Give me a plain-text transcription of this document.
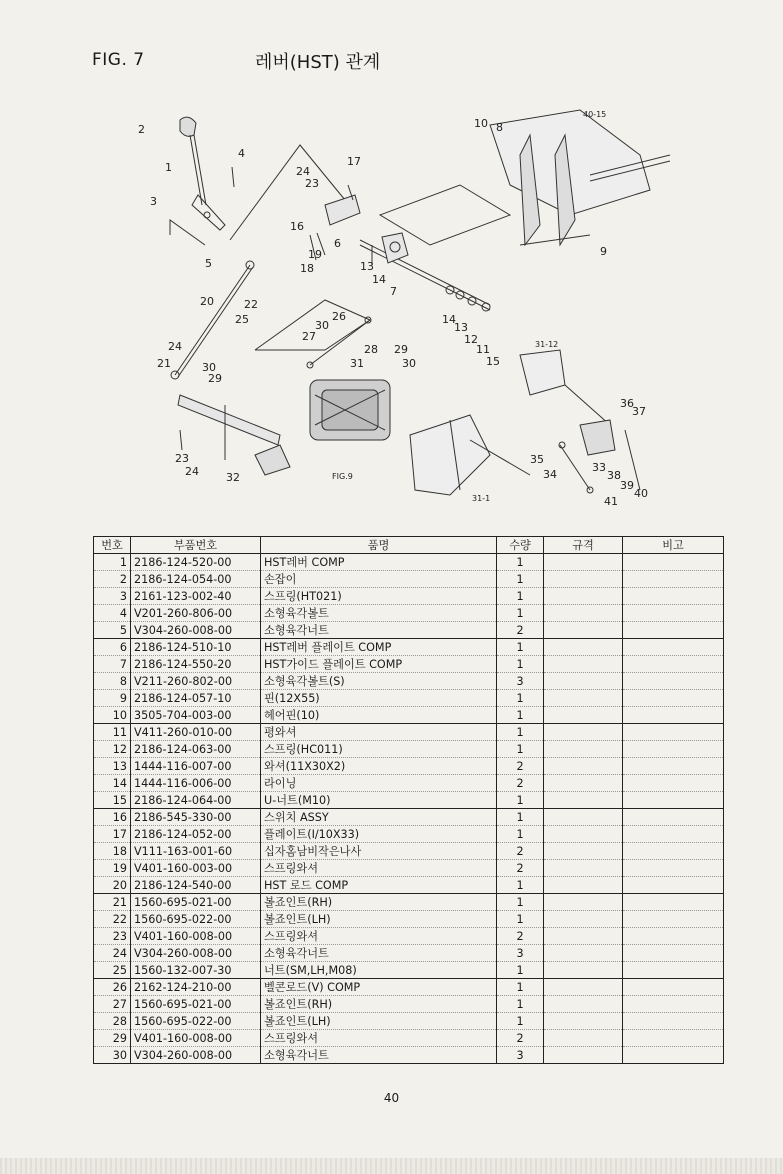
FIG. 7	레버(HST) 관계
2
1
3
4
5
24
23
17
16
19
18
6
13
14
7
10 8
40-15
9
20	22
25
24
21	30
29
30
26
27
28
31
29
30
14
13
12
11
15
31-12
36
37
35
34
33
38
39
40
41
31-1
23
24 32	FIG.9
번호	부품번호	품명	수량	규격	비고
1	2186-124-520-00	HST레버 COMP	1		
2	2186-124-054-00	손잡이	1		
3	2161-123-002-40	스프링(HT021)	1		
4	V201-260-806-00	소형육각볼트	1		
5	V304-260-008-00	소형육각너트	2		
6	2186-124-510-10	HST레버 플레이트 COMP	1		
7	2186-124-550-20	HST가이드 플레이트 COMP	1		
8	V211-260-802-00	소형육각볼트(S)	3		
9	2186-124-057-10	핀(12X55)	1		
10	3505-704-003-00	헤어핀(10)	1		
11	V411-260-010-00	평와셔	1		
12	2186-124-063-00	스프링(HC011)	1		
13	1444-116-007-00	와셔(11X30X2)	2		
14	1444-116-006-00	라이닝	2		
15	2186-124-064-00	U-너트(M10)	1		
16	2186-545-330-00	스위치 ASSY	1		
17	2186-124-052-00	플레이트(I/10X33)	1		
18	V111-163-001-60	십자홈남비작은나사	2		
19	V401-160-003-00	스프링와셔	2		
20	2186-124-540-00	HST 로드 COMP	1		
21	1560-695-021-00	볼죠인트(RH)	1		
22	1560-695-022-00	볼죠인트(LH)	1		
23	V401-160-008-00	스프링와셔	2		
24	V304-260-008-00	소형육각너트	3		
25	1560-132-007-30	너트(SM,LH,M08)	1		
26	2162-124-210-00	벨콘로드(V) COMP	1		
27	1560-695-021-00	볼죠인트(RH)	1		
28	1560-695-022-00	볼죠인트(LH)	1		
29	V401-160-008-00	스프링와셔	2		
30	V304-260-008-00	소형육각너트	3		
40
